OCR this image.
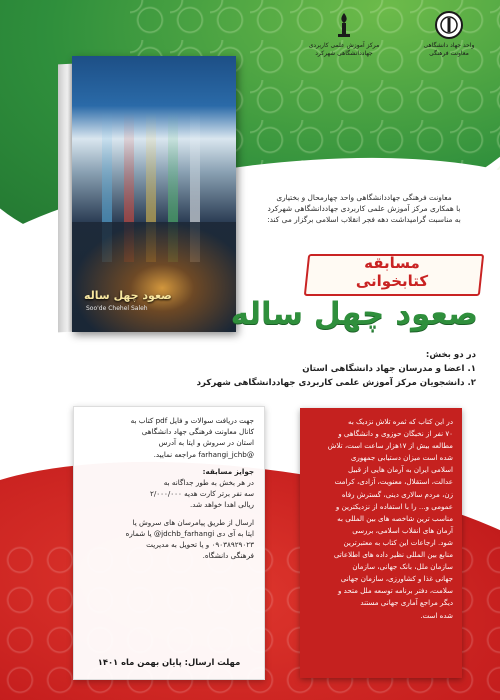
واحد جهاد دانشگاهی
معاونت فرهنگی
مرکز آموزش علمی کاربردی
جهاددانشگاهی شهرکرد
صعود چهل ساله
Soo'de Chehel Saleh
معاونت فرهنگی جهاددانشگاهی واحد چهارمحال و بختیاری
با همکاری مرکز آموزش علمی کاربردی جهاددانشگاهی شهرکرد
به مناسبت گرامیداشت دهه فجر انقلاب اسلامی برگزار می کند:
مسابقه
کتابخوانی
صعود چهل ساله
در دو بخش:
۱. اعضا و مدرسان جهاد دانشگاهی استان
۲. دانشجویان مرکز آموزش علمی کاربردی جهاددانشگاهی شهرکرد
جهت دریافت سوالات و فایل pdf کتاب به
کانال معاونت فرهنگی جهاد دانشگاهی
استان در سروش و ایتا به آدرس
@farhangi_jchb مراجعه نمایید.
جوایز مسابقه:
در هر بخش به طور جداگانه به
سه نفر برتر کارت هدیه ۲/۰۰۰/۰۰۰
ریالی اهدا خواهد شد.
ارسال از طریق پیامرسان های سروش یا
ایتا به آی دی jdchb_farhangi@ یا شماره
۰۹۰۳۸۹۲۹۰۲۳ و یا تحویل به مدیریت
فرهنگی دانشگاه.
مهلت ارسال: پایان بهمن ماه ۱۴۰۱
در این کتاب که ثمره تلاش نزدیک به
۷۰ نفر از نخبگان حوزوی و دانشگاهی و
مطالعه بیش از ۱۷هزار ساعت است، تلاش
شده است میزان دستیابی جمهوری
اسلامی ایران به آرمان هایی از قبیل
عدالت، استقلال، معنویت، آزادی، کرامت
زن، مردم سالاری دینی، گسترش رفاه
عمومی و... را با استفاده از نزدیکترین و
مناسب ترین شاخصه های بین المللی به
آرمان های انقلاب اسلامی، بررسی
شود. ارجاعات این کتاب به معتبرترین
منابع بین المللی نظیر داده های اطلاعاتی
سازمان ملل، بانک جهانی، سازمان
جهانی غذا و کشاورزی، سازمان جهانی
سلامت، دفتر برنامه توسعه ملل متحد و
دیگر مراجع آماری جهانی مستند
شده است.
